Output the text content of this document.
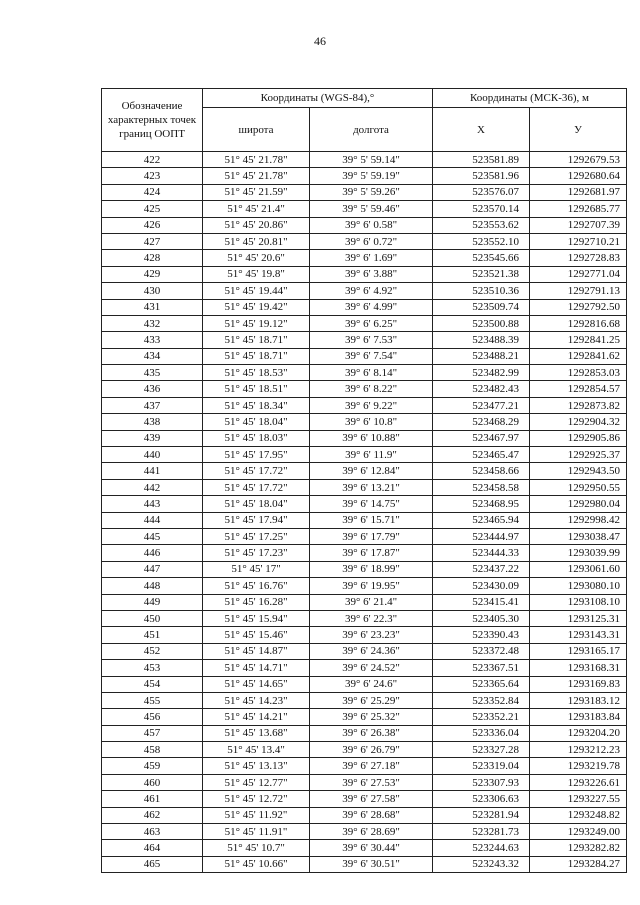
46
Обозначение характерных точек границ ООПТ	Координаты (WGS-84),°		Координаты (МСК-36), м	
	широта	долгота	Х	У
422	51° 45' 21.78"	39° 5' 59.14"	523581.89	1292679.53
423	51° 45' 21.78"	39° 5' 59.19"	523581.96	1292680.64
424	51° 45' 21.59"	39° 5' 59.26"	523576.07	1292681.97
425	51° 45' 21.4"	39° 5' 59.46"	523570.14	1292685.77
426	51° 45' 20.86"	39° 6' 0.58"	523553.62	1292707.39
427	51° 45' 20.81"	39° 6' 0.72"	523552.10	1292710.21
428	51° 45' 20.6"	39° 6' 1.69"	523545.66	1292728.83
429	51° 45' 19.8"	39° 6' 3.88"	523521.38	1292771.04
430	51° 45' 19.44"	39° 6' 4.92"	523510.36	1292791.13
431	51° 45' 19.42"	39° 6' 4.99"	523509.74	1292792.50
432	51° 45' 19.12"	39° 6' 6.25"	523500.88	1292816.68
433	51° 45' 18.71"	39° 6' 7.53"	523488.39	1292841.25
434	51° 45' 18.71"	39° 6' 7.54"	523488.21	1292841.62
435	51° 45' 18.53"	39° 6' 8.14"	523482.99	1292853.03
436	51° 45' 18.51"	39° 6' 8.22"	523482.43	1292854.57
437	51° 45' 18.34"	39° 6' 9.22"	523477.21	1292873.82
438	51° 45' 18.04"	39° 6' 10.8"	523468.29	1292904.32
439	51° 45' 18.03"	39° 6' 10.88"	523467.97	1292905.86
440	51° 45' 17.95"	39° 6' 11.9"	523465.47	1292925.37
441	51° 45' 17.72"	39° 6' 12.84"	523458.66	1292943.50
442	51° 45' 17.72"	39° 6' 13.21"	523458.58	1292950.55
443	51° 45' 18.04"	39° 6' 14.75"	523468.95	1292980.04
444	51° 45' 17.94"	39° 6' 15.71"	523465.94	1292998.42
445	51° 45' 17.25"	39° 6' 17.79"	523444.97	1293038.47
446	51° 45' 17.23"	39° 6' 17.87"	523444.33	1293039.99
447	51° 45' 17"	39° 6' 18.99"	523437.22	1293061.60
448	51° 45' 16.76"	39° 6' 19.95"	523430.09	1293080.10
449	51° 45' 16.28"	39° 6' 21.4"	523415.41	1293108.10
450	51° 45' 15.94"	39° 6' 22.3"	523405.30	1293125.31
451	51° 45' 15.46"	39° 6' 23.23"	523390.43	1293143.31
452	51° 45' 14.87"	39° 6' 24.36"	523372.48	1293165.17
453	51° 45' 14.71"	39° 6' 24.52"	523367.51	1293168.31
454	51° 45' 14.65"	39° 6' 24.6"	523365.64	1293169.83
455	51° 45' 14.23"	39° 6' 25.29"	523352.84	1293183.12
456	51° 45' 14.21"	39° 6' 25.32"	523352.21	1293183.84
457	51° 45' 13.68"	39° 6' 26.38"	523336.04	1293204.20
458	51° 45' 13.4"	39° 6' 26.79"	523327.28	1293212.23
459	51° 45' 13.13"	39° 6' 27.18"	523319.04	1293219.78
460	51° 45' 12.77"	39° 6' 27.53"	523307.93	1293226.61
461	51° 45' 12.72"	39° 6' 27.58"	523306.63	1293227.55
462	51° 45' 11.92"	39° 6' 28.68"	523281.94	1293248.82
463	51° 45' 11.91"	39° 6' 28.69"	523281.73	1293249.00
464	51° 45' 10.7"	39° 6' 30.44"	523244.63	1293282.82
465	51° 45' 10.66"	39° 6' 30.51"	523243.32	1293284.27
